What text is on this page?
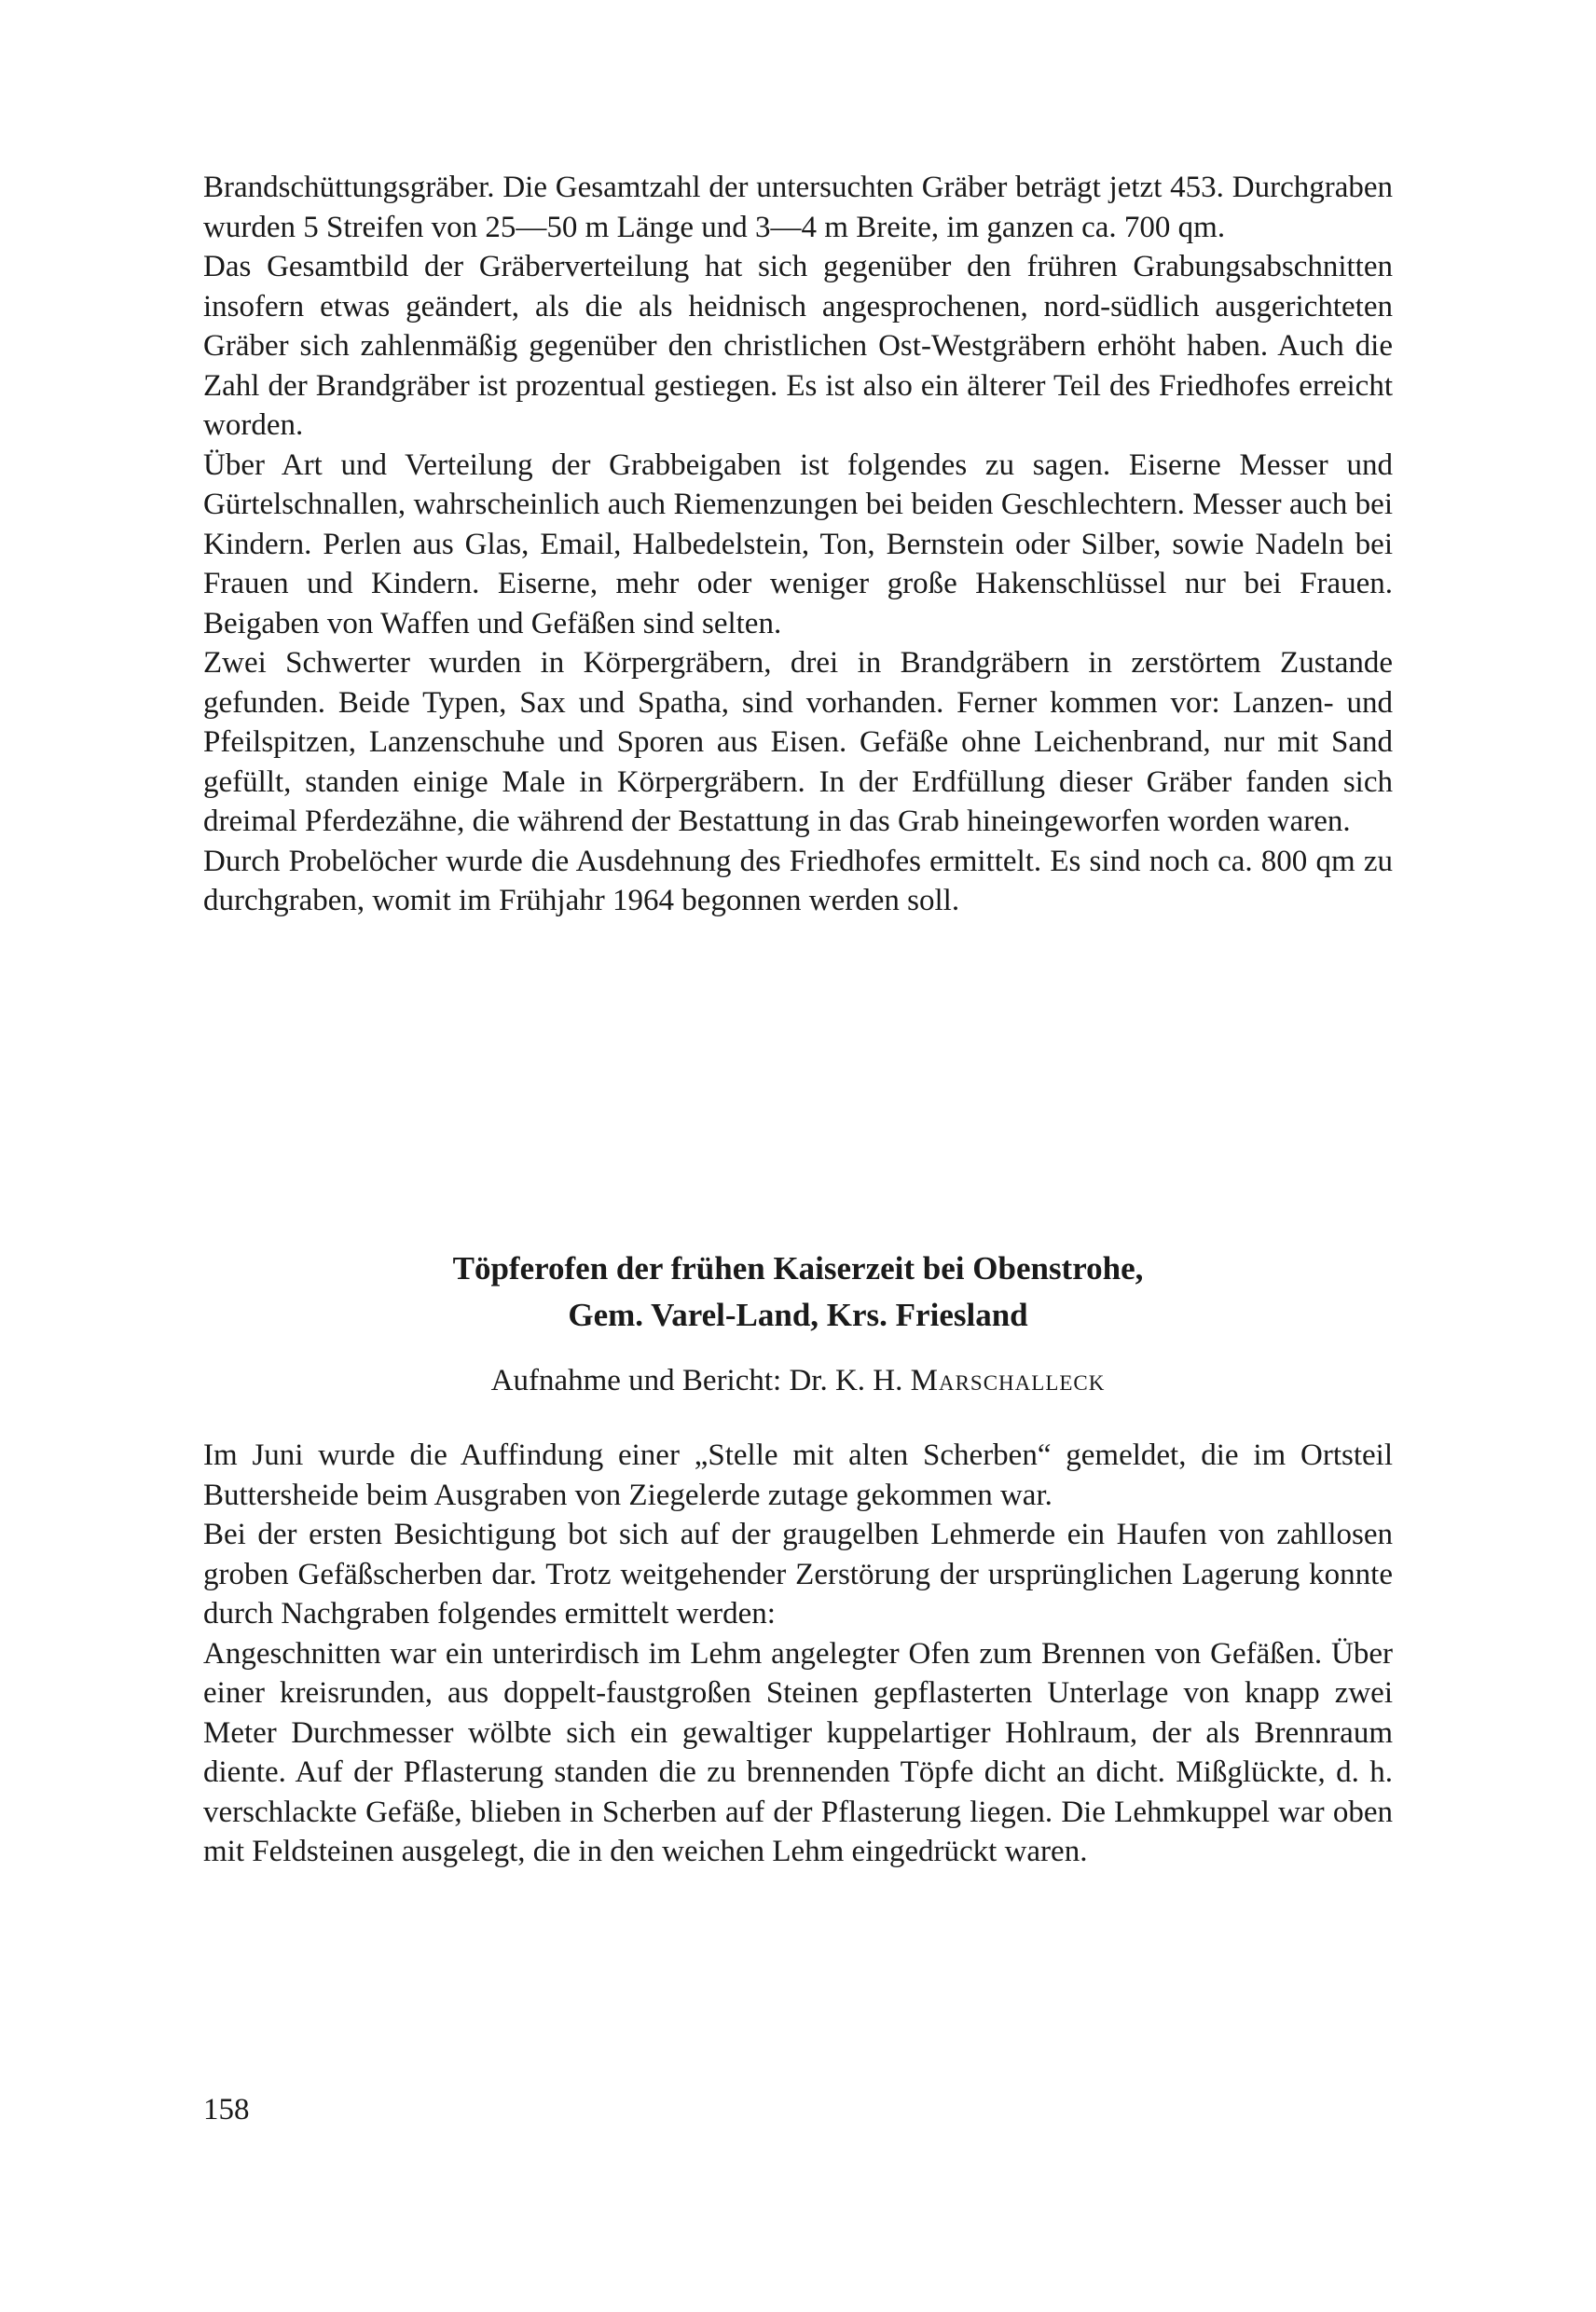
Brandschüttungsgräber. Die Gesamtzahl der untersuchten Gräber beträgt jetzt 453. Durchgraben wurden 5 Streifen von 25—50 m Länge und 3—4 m Breite, im ganzen ca. 700 qm.

Das Gesamtbild der Gräberverteilung hat sich gegenüber den frühren Grabungsabschnitten insofern etwas geändert, als die als heidnisch angesprochenen, nord-südlich ausgerichteten Gräber sich zahlenmäßig gegenüber den christlichen Ost-Westgräbern erhöht haben. Auch die Zahl der Brandgräber ist prozentual gestiegen. Es ist also ein älterer Teil des Friedhofes erreicht worden.

Über Art und Verteilung der Grabbeigaben ist folgendes zu sagen. Eiserne Messer und Gürtelschnallen, wahrscheinlich auch Riemenzungen bei beiden Geschlechtern. Messer auch bei Kindern. Perlen aus Glas, Email, Halbedelstein, Ton, Bernstein oder Silber, sowie Nadeln bei Frauen und Kindern. Eiserne, mehr oder weniger große Hakenschlüssel nur bei Frauen. Beigaben von Waffen und Gefäßen sind selten.

Zwei Schwerter wurden in Körpergräbern, drei in Brandgräbern in zerstörtem Zustande gefunden. Beide Typen, Sax und Spatha, sind vorhanden. Ferner kommen vor: Lanzen- und Pfeilspitzen, Lanzenschuhe und Sporen aus Eisen. Gefäße ohne Leichenbrand, nur mit Sand gefüllt, standen einige Male in Körpergräbern. In der Erdfüllung dieser Gräber fanden sich dreimal Pferdezähne, die während der Bestattung in das Grab hineingeworfen worden waren.

Durch Probelöcher wurde die Ausdehnung des Friedhofes ermittelt. Es sind noch ca. 800 qm zu durchgraben, womit im Frühjahr 1964 begonnen werden soll.

Töpferofen der frühen Kaiserzeit bei Obenstrohe,
Gem. Varel-Land, Krs. Friesland
Aufnahme und Bericht: Dr. K. H. Marschalleck

Im Juni wurde die Auffindung einer „Stelle mit alten Scherben“ gemeldet, die im Ortsteil Buttersheide beim Ausgraben von Ziegelerde zutage gekommen war.

Bei der ersten Besichtigung bot sich auf der graugelben Lehmerde ein Haufen von zahllosen groben Gefäßscherben dar. Trotz weitgehender Zerstörung der ursprünglichen Lagerung konnte durch Nachgraben folgendes ermittelt werden:

Angeschnitten war ein unterirdisch im Lehm angelegter Ofen zum Brennen von Gefäßen. Über einer kreisrunden, aus doppelt-faustgroßen Steinen gepflasterten Unterlage von knapp zwei Meter Durchmesser wölbte sich ein gewaltiger kuppelartiger Hohlraum, der als Brennraum diente. Auf der Pflasterung standen die zu brennenden Töpfe dicht an dicht. Mißglückte, d. h. verschlackte Gefäße, blieben in Scherben auf der Pflasterung liegen. Die Lehmkuppel war oben mit Feldsteinen ausgelegt, die in den weichen Lehm eingedrückt waren.

158
